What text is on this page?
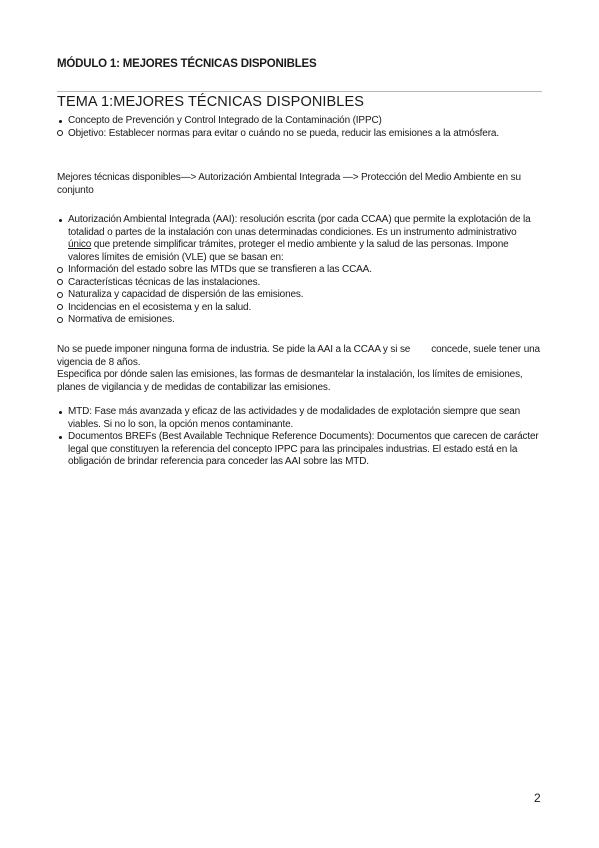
MÓDULO 1: MEJORES TÉCNICAS DISPONIBLES
TEMA 1:MEJORES TÉCNICAS DISPONIBLES
Concepto de Prevención y Control Integrado de la Contaminación (IPPC)
Objetivo: Establecer normas para evitar o cuándo no se pueda, reducir las emisiones a la atmósfera.

Mejores técnicas disponibles—> Autorización Ambiental Integrada —> Protección del Medio Ambiente en su conjunto

Autorización Ambiental Integrada (AAI): resolución escrita (por cada CCAA) que permite la explotación de la totalidad o partes de la instalación con unas determinadas condiciones. Es un instrumento administrativo único que pretende simplificar trámites, proteger el medio ambiente y la salud de las personas. Impone valores límites de emisión (VLE) que se basan en:
Información del estado sobre las MTDs que se transfieren a las CCAA.
Características técnicas de las instalaciones.
Naturaliza y capacidad de dispersión de las emisiones.
Incidencias en el ecosistema y en la salud.
Normativa de emisiones.

No se puede imponer ninguna forma de industria. Se pide la AAI a la CCAA y si se        concede, suele tener una vigencia de 8 años.

Especifica por dónde salen las emisiones, las formas de desmantelar la instalación, los límites de emisiones, planes de vigilancia y de medidas de contabilizar las emisiones.

MTD: Fase más avanzada y eficaz de las actividades y de modalidades de explotación siempre que sean viables. Si no lo son, la opción menos contaminante.
Documentos BREFs (Best Available Technique Reference Documents): Documentos que carecen de carácter legal que constituyen la referencia del concepto IPPC para las principales industrias. El estado está en la obligación de brindar referencia para conceder las AAI sobre las MTD.
2
